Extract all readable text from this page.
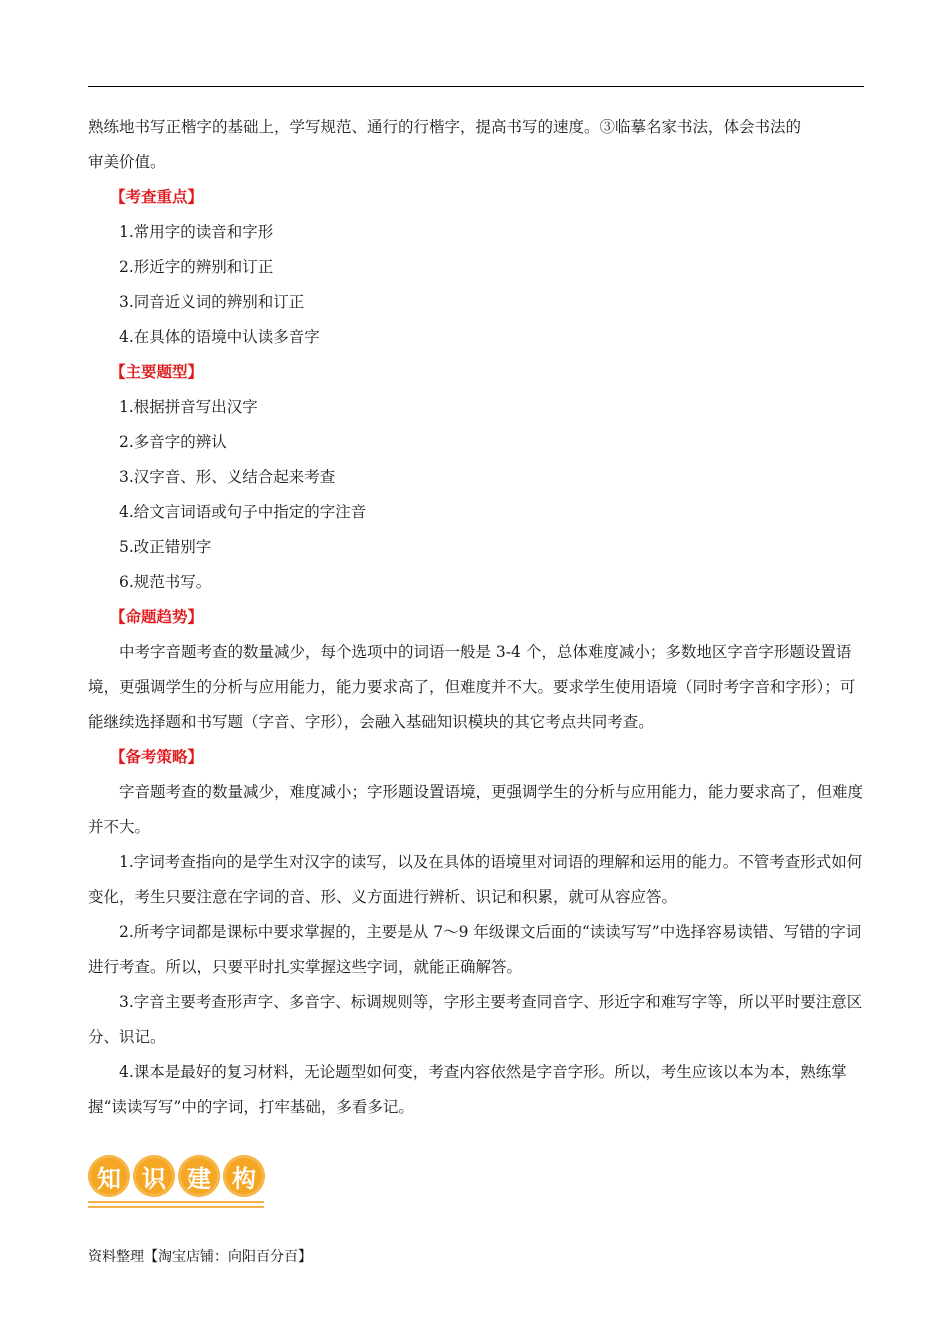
熟练地书写正楷字的基础上，学写规范、通行的行楷字，提高书写的速度。③临摹名家书法，体会书法的

审美价值。

【考查重点】

1.常用字的读音和字形

2.形近字的辨别和订正

3.同音近义词的辨别和订正

4.在具体的语境中认读多音字

【主要题型】

1.根据拼音写出汉字

2.多音字的辨认

3.汉字音、形、义结合起来考查

4.给文言词语或句子中指定的字注音

5.改正错别字

6.规范书写。

【命题趋势】

中考字音题考查的数量减少，每个选项中的词语一般是 3-4 个，总体难度减小；多数地区字音字形题设置语境，更强调学生的分析与应用能力，能力要求高了，但难度并不大。要求学生使用语境（同时考字音和字形）；可能继续选择题和书写题（字音、字形），会融入基础知识模块的其它考点共同考查。

【备考策略】

字音题考查的数量减少，难度减小；字形题设置语境，更强调学生的分析与应用能力，能力要求高了，但难度并不大。

1.字词考查指向的是学生对汉字的读写，以及在具体的语境里对词语的理解和运用的能力。不管考查形式如何变化，考生只要注意在字词的音、形、义方面进行辨析、识记和积累，就可从容应答。

2.所考字词都是课标中要求掌握的，主要是从 7～9 年级课文后面的“读读写写”中选择容易读错、写错的字词进行考查。所以，只要平时扎实掌握这些字词，就能正确解答。

3.字音主要考查形声字、多音字、标调规则等，字形主要考查同音字、形近字和难写字等，所以平时要注意区分、识记。

4.课本是最好的复习材料，无论题型如何变，考查内容依然是字音字形。所以，考生应该以本为本，熟练掌握“读读写写”中的字词，打牢基础，多看多记。

知 识 建 构
资料整理【淘宝店铺：向阳百分百】
